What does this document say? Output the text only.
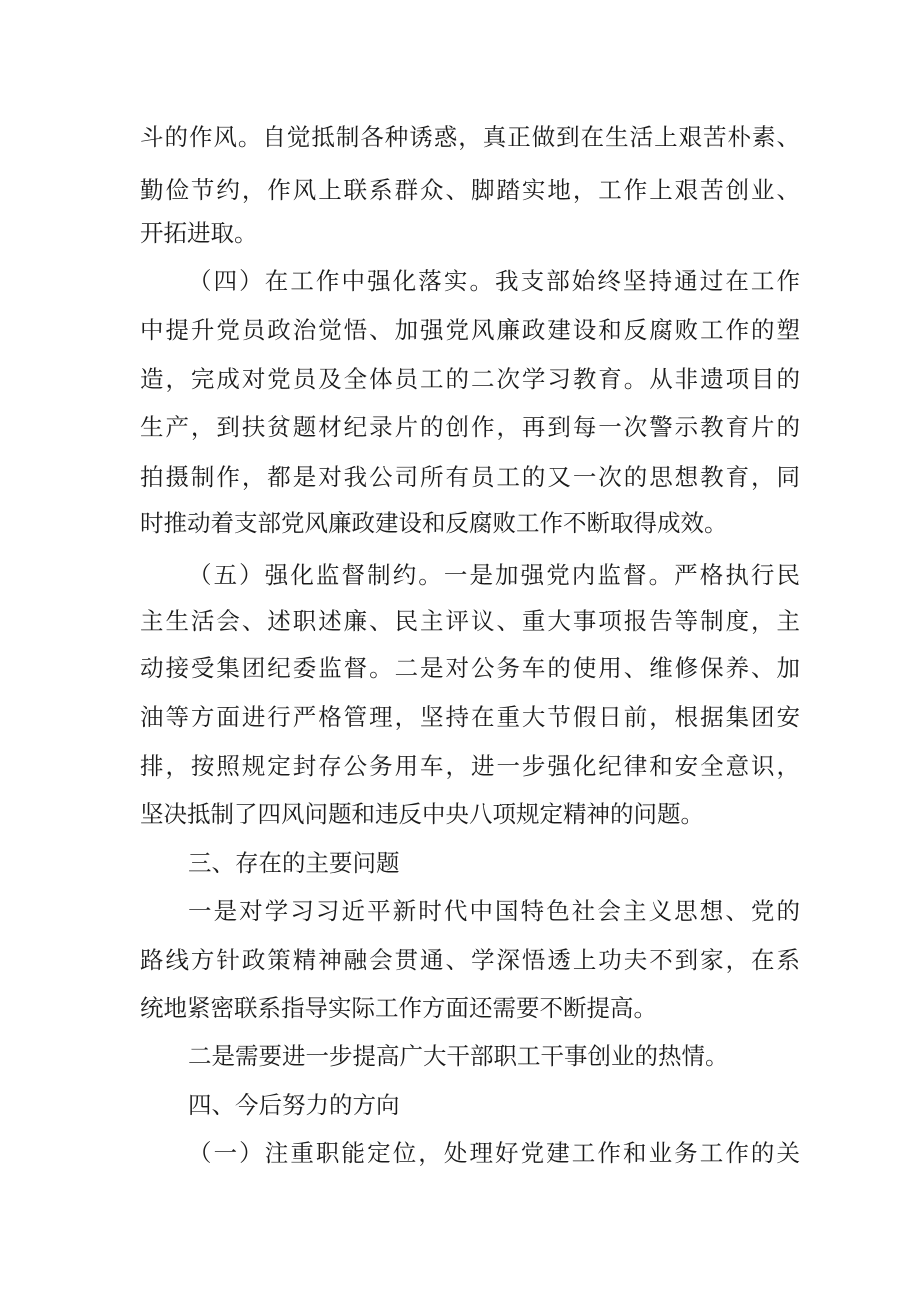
斗的作风。自觉抵制各种诱惑，真正做到在生活上艰苦朴素、

勤俭节约，作风上联系群众、脚踏实地，工作上艰苦创业、

开拓进取。

（四）在工作中强化落实。我支部始终坚持通过在工作

中提升党员政治觉悟、加强党风廉政建设和反腐败工作的塑

造，完成对党员及全体员工的二次学习教育。从非遗项目的

生产，到扶贫题材纪录片的创作，再到每一次警示教育片的

拍摄制作，都是对我公司所有员工的又一次的思想教育，同

时推动着支部党风廉政建设和反腐败工作不断取得成效。

（五）强化监督制约。一是加强党内监督。严格执行民

主生活会、述职述廉、民主评议、重大事项报告等制度，主

动接受集团纪委监督。二是对公务车的使用、维修保养、加

油等方面进行严格管理，坚持在重大节假日前，根据集团安

排，按照规定封存公务用车，进一步强化纪律和安全意识，

坚决抵制了四风问题和违反中央八项规定精神的问题。

三、存在的主要问题

一是对学习习近平新时代中国特色社会主义思想、党的

路线方针政策精神融会贯通、学深悟透上功夫不到家，在系

统地紧密联系指导实际工作方面还需要不断提高。

二是需要进一步提高广大干部职工干事创业的热情。

四、今后努力的方向

（一）注重职能定位，处理好党建工作和业务工作的关
